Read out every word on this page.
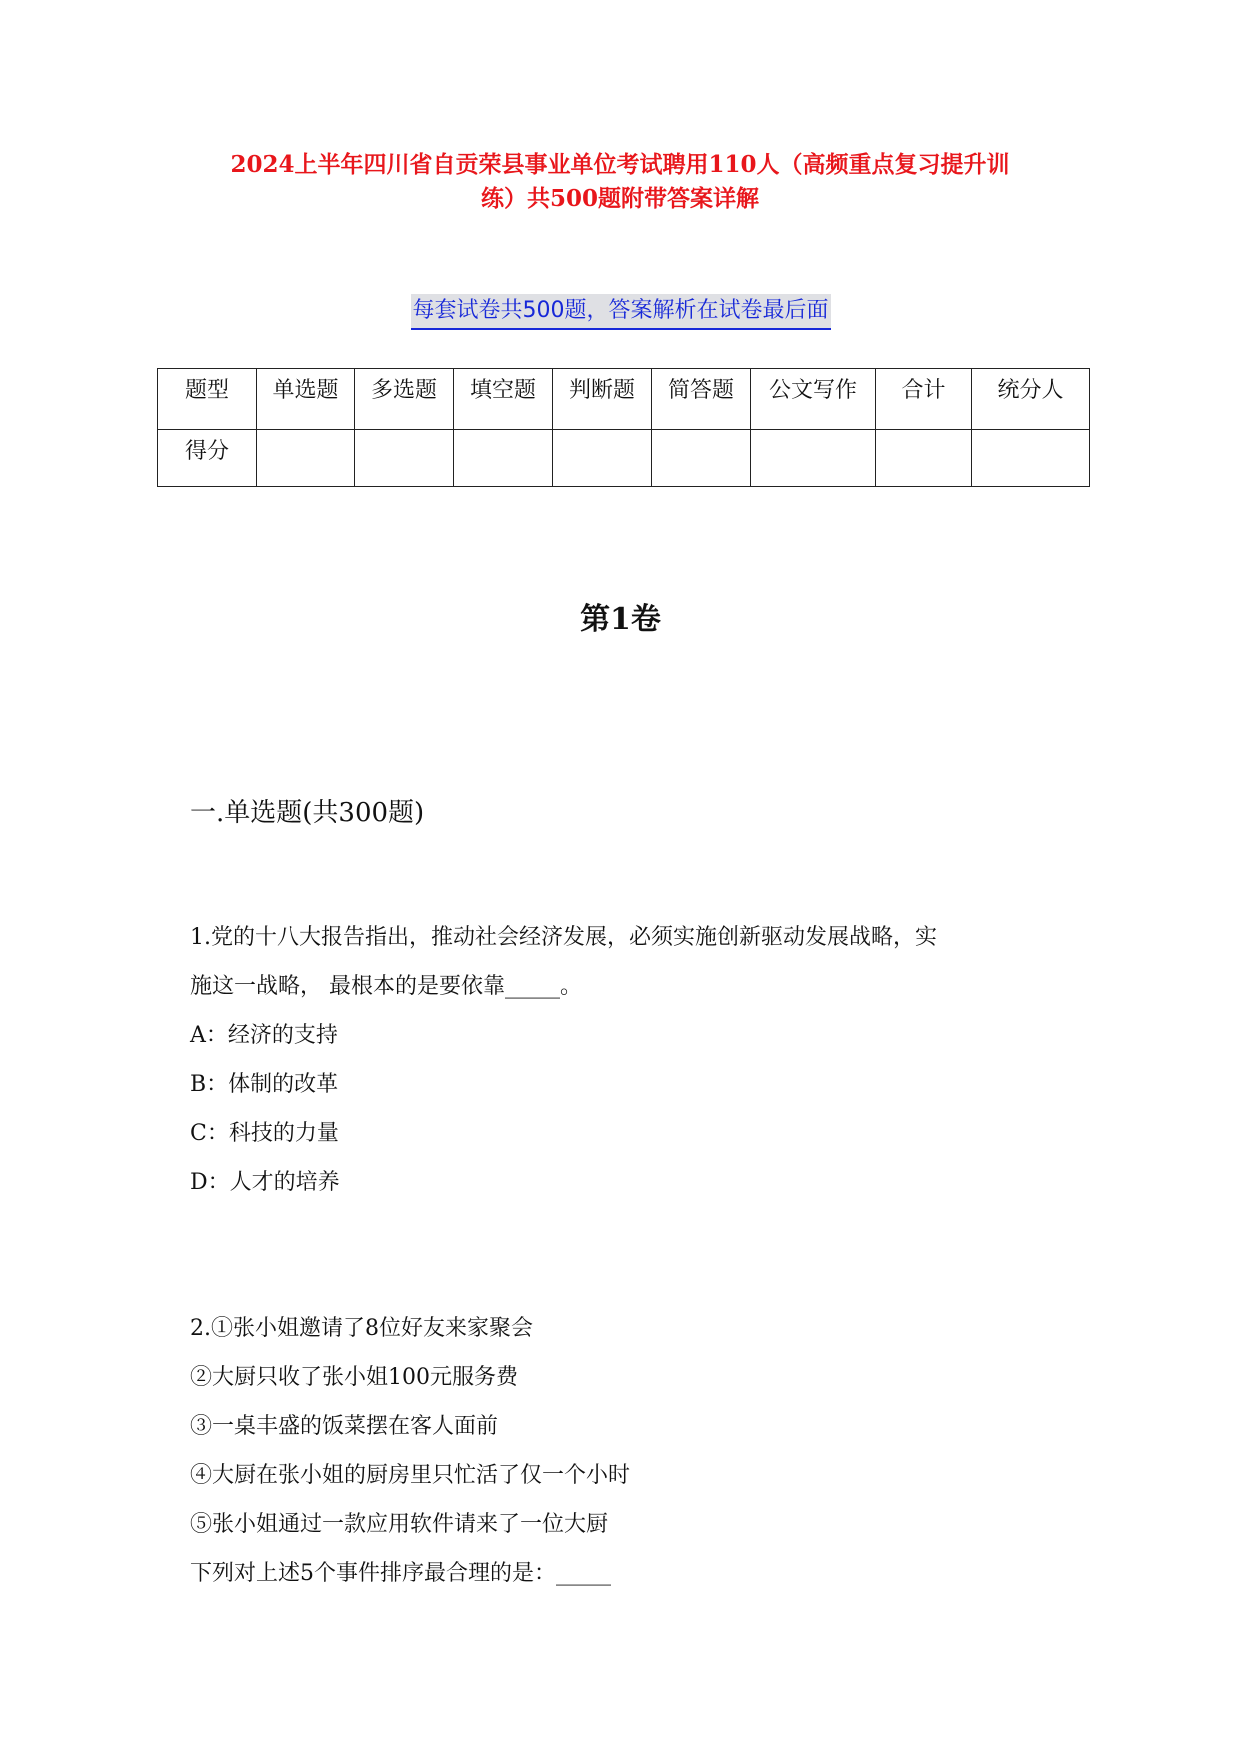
2024上半年四川省自贡荣县事业单位考试聘用110人（高频重点复习提升训
练）共500题附带答案详解
每套试卷共500题，答案解析在试卷最后面
题型	单选题	多选题	填空题	判断题	简答题	公文写作	合计	统分人
得分								
第1卷
一.单选题(共300题)
1.党的十八大报告指出，推动社会经济发展，必须实施创新驱动发展战略，实
施这一战略， 最根本的是要依靠_____。
A：经济的支持
B：体制的改革
C：科技的力量
D：人才的培养
2.①张小姐邀请了8位好友来家聚会
②大厨只收了张小姐100元服务费
③一桌丰盛的饭菜摆在客人面前
④大厨在张小姐的厨房里只忙活了仅一个小时
⑤张小姐通过一款应用软件请来了一位大厨
下列对上述5个事件排序最合理的是：_____
